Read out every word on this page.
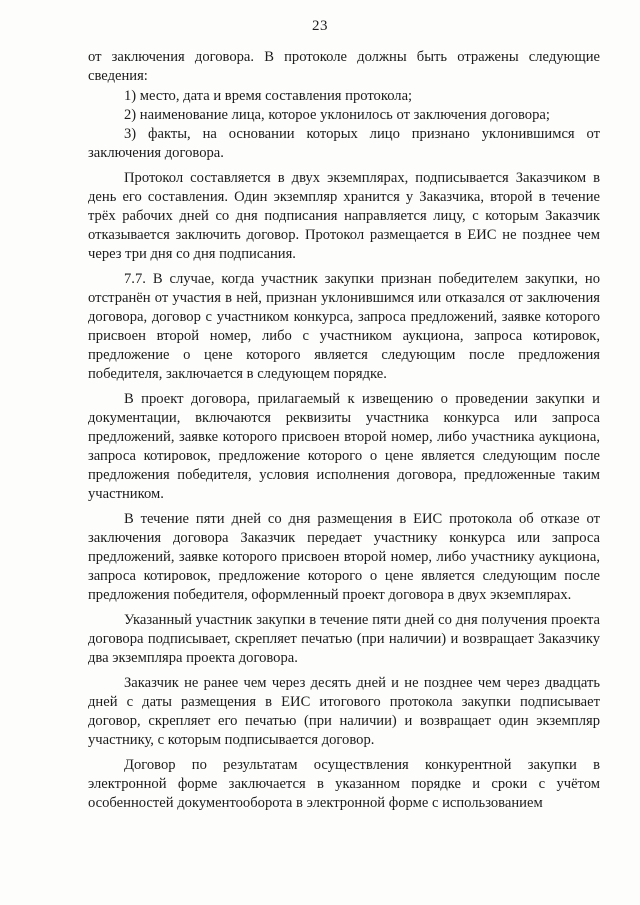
23

от заключения договора. В протоколе должны быть отражены следующие сведения:

1) место, дата и время составления протокола;

2) наименование лица, которое уклонилось от заключения договора;

3) факты, на основании которых лицо признано уклонившимся от заключения договора.

Протокол составляется в двух экземплярах, подписывается Заказчиком в день его составления. Один экземпляр хранится у Заказчика, второй в течение трёх рабочих дней со дня подписания направляется лицу, с которым Заказчик отказывается заключить договор. Протокол размещается в ЕИС не позднее чем через три дня со дня подписания.

7.7. В случае, когда участник закупки признан победителем закупки, но отстранён от участия в ней, признан уклонившимся или отказался от заключения договора, договор с участником конкурса, запроса предложений, заявке которого присвоен второй номер, либо с участником аукциона, запроса котировок, предложение о цене которого является следующим после предложения победителя, заключается в следующем порядке.

В проект договора, прилагаемый к извещению о проведении закупки и документации, включаются реквизиты участника конкурса или запроса предложений, заявке которого присвоен второй номер, либо участника аукциона, запроса котировок, предложение которого о цене является следующим после предложения победителя, условия исполнения договора, предложенные таким участником.

В течение пяти дней со дня размещения в ЕИС протокола об отказе от заключения договора Заказчик передает участнику конкурса или запроса предложений, заявке которого присвоен второй номер, либо участнику аукциона, запроса котировок, предложение которого о цене является следующим после предложения победителя, оформленный проект договора в двух экземплярах.

Указанный участник закупки в течение пяти дней со дня получения проекта договора подписывает, скрепляет печатью (при наличии) и возвращает Заказчику два экземпляра проекта договора.

Заказчик не ранее чем через десять дней и не позднее чем через двадцать дней с даты размещения в ЕИС итогового протокола закупки подписывает договор, скрепляет его печатью (при наличии) и возвращает один экземпляр участнику, с которым подписывается договор.

Договор по результатам осуществления конкурентной закупки в электронной форме заключается в указанном порядке и сроки с учётом особенностей документооборота в электронной форме с использованием
